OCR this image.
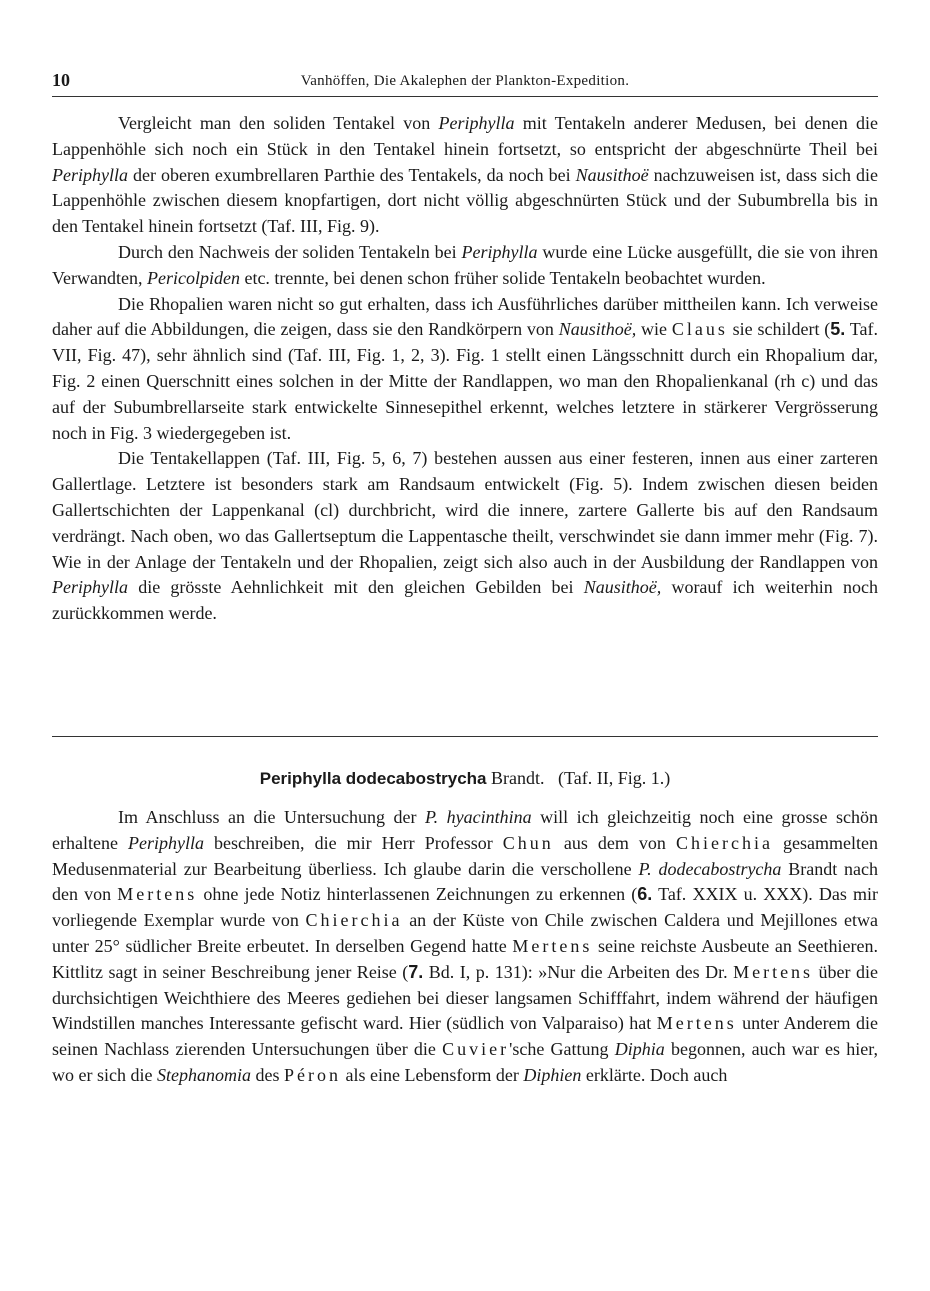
10	Vanhöffen, Die Akalephen der Plankton-Expedition.

Vergleicht man den soliden Tentakel von Periphylla mit Tentakeln anderer Medusen, bei denen die Lappenhöhle sich noch ein Stück in den Tentakel hinein fortsetzt, so entspricht der abgeschnürte Theil bei Periphylla der oberen exumbrellaren Parthie des Tentakels, da noch bei Nausithoë nachzuweisen ist, dass sich die Lappenhöhle zwischen diesem knopfartigen, dort nicht völlig abgeschnürten Stück und der Subumbrella bis in den Tentakel hinein fortsetzt (Taf. III, Fig. 9).

Durch den Nachweis der soliden Tentakeln bei Periphylla wurde eine Lücke ausgefüllt, die sie von ihren Verwandten, Pericolpiden etc. trennte, bei denen schon früher solide Tentakeln beobachtet wurden.

Die Rhopalien waren nicht so gut erhalten, dass ich Ausführliches darüber mittheilen kann. Ich verweise daher auf die Abbildungen, die zeigen, dass sie den Randkörpern von Nausithoë, wie Claus sie schildert (5. Taf. VII, Fig. 47), sehr ähnlich sind (Taf. III, Fig. 1, 2, 3). Fig. 1 stellt einen Längsschnitt durch ein Rhopalium dar, Fig. 2 einen Querschnitt eines solchen in der Mitte der Randlappen, wo man den Rhopalienkanal (rh c) und das auf der Subumbrellarseite stark entwickelte Sinnesepithel erkennt, welches letztere in stärkerer Vergrösserung noch in Fig. 3 wiedergegeben ist.

Die Tentakellappen (Taf. III, Fig. 5, 6, 7) bestehen aussen aus einer festeren, innen aus einer zarteren Gallertlage. Letztere ist besonders stark am Randsaum entwickelt (Fig. 5). Indem zwischen diesen beiden Gallertschichten der Lappenkanal (cl) durchbricht, wird die innere, zartere Gallerte bis auf den Randsaum verdrängt. Nach oben, wo das Gallertseptum die Lappentasche theilt, verschwindet sie dann immer mehr (Fig. 7). Wie in der Anlage der Tentakeln und der Rhopalien, zeigt sich also auch in der Ausbildung der Randlappen von Periphylla die grösste Aehnlichkeit mit den gleichen Gebilden bei Nausithoë, worauf ich weiterhin noch zurückkommen werde.

Periphylla dodecabostrycha Brandt. (Taf. II, Fig. 1.)

Im Anschluss an die Untersuchung der P. hyacinthina will ich gleichzeitig noch eine grosse schön erhaltene Periphylla beschreiben, die mir Herr Professor Chun aus dem von Chierchia gesammelten Medusenmaterial zur Bearbeitung überliess. Ich glaube darin die verschollene P. dodecabostrycha Brandt nach den von Mertens ohne jede Notiz hinterlassenen Zeichnungen zu erkennen (6. Taf. XXIX u. XXX). Das mir vorliegende Exemplar wurde von Chierchia an der Küste von Chile zwischen Caldera und Mejillones etwa unter 25° südlicher Breite erbeutet. In derselben Gegend hatte Mertens seine reichste Ausbeute an Seethieren. Kittlitz sagt in seiner Beschreibung jener Reise (7. Bd. I, p. 131): »Nur die Arbeiten des Dr. Mertens über die durchsichtigen Weichthiere des Meeres gediehen bei dieser langsamen Schifffahrt, indem während der häufigen Windstillen manches Interessante gefischt ward. Hier (südlich von Valparaiso) hat Mertens unter Anderem die seinen Nachlass zierenden Untersuchungen über die Cuvier'sche Gattung Diphia begonnen, auch war es hier, wo er sich die Stephanomia des Péron als eine Lebensform der Diphien erklärte. Doch auch
